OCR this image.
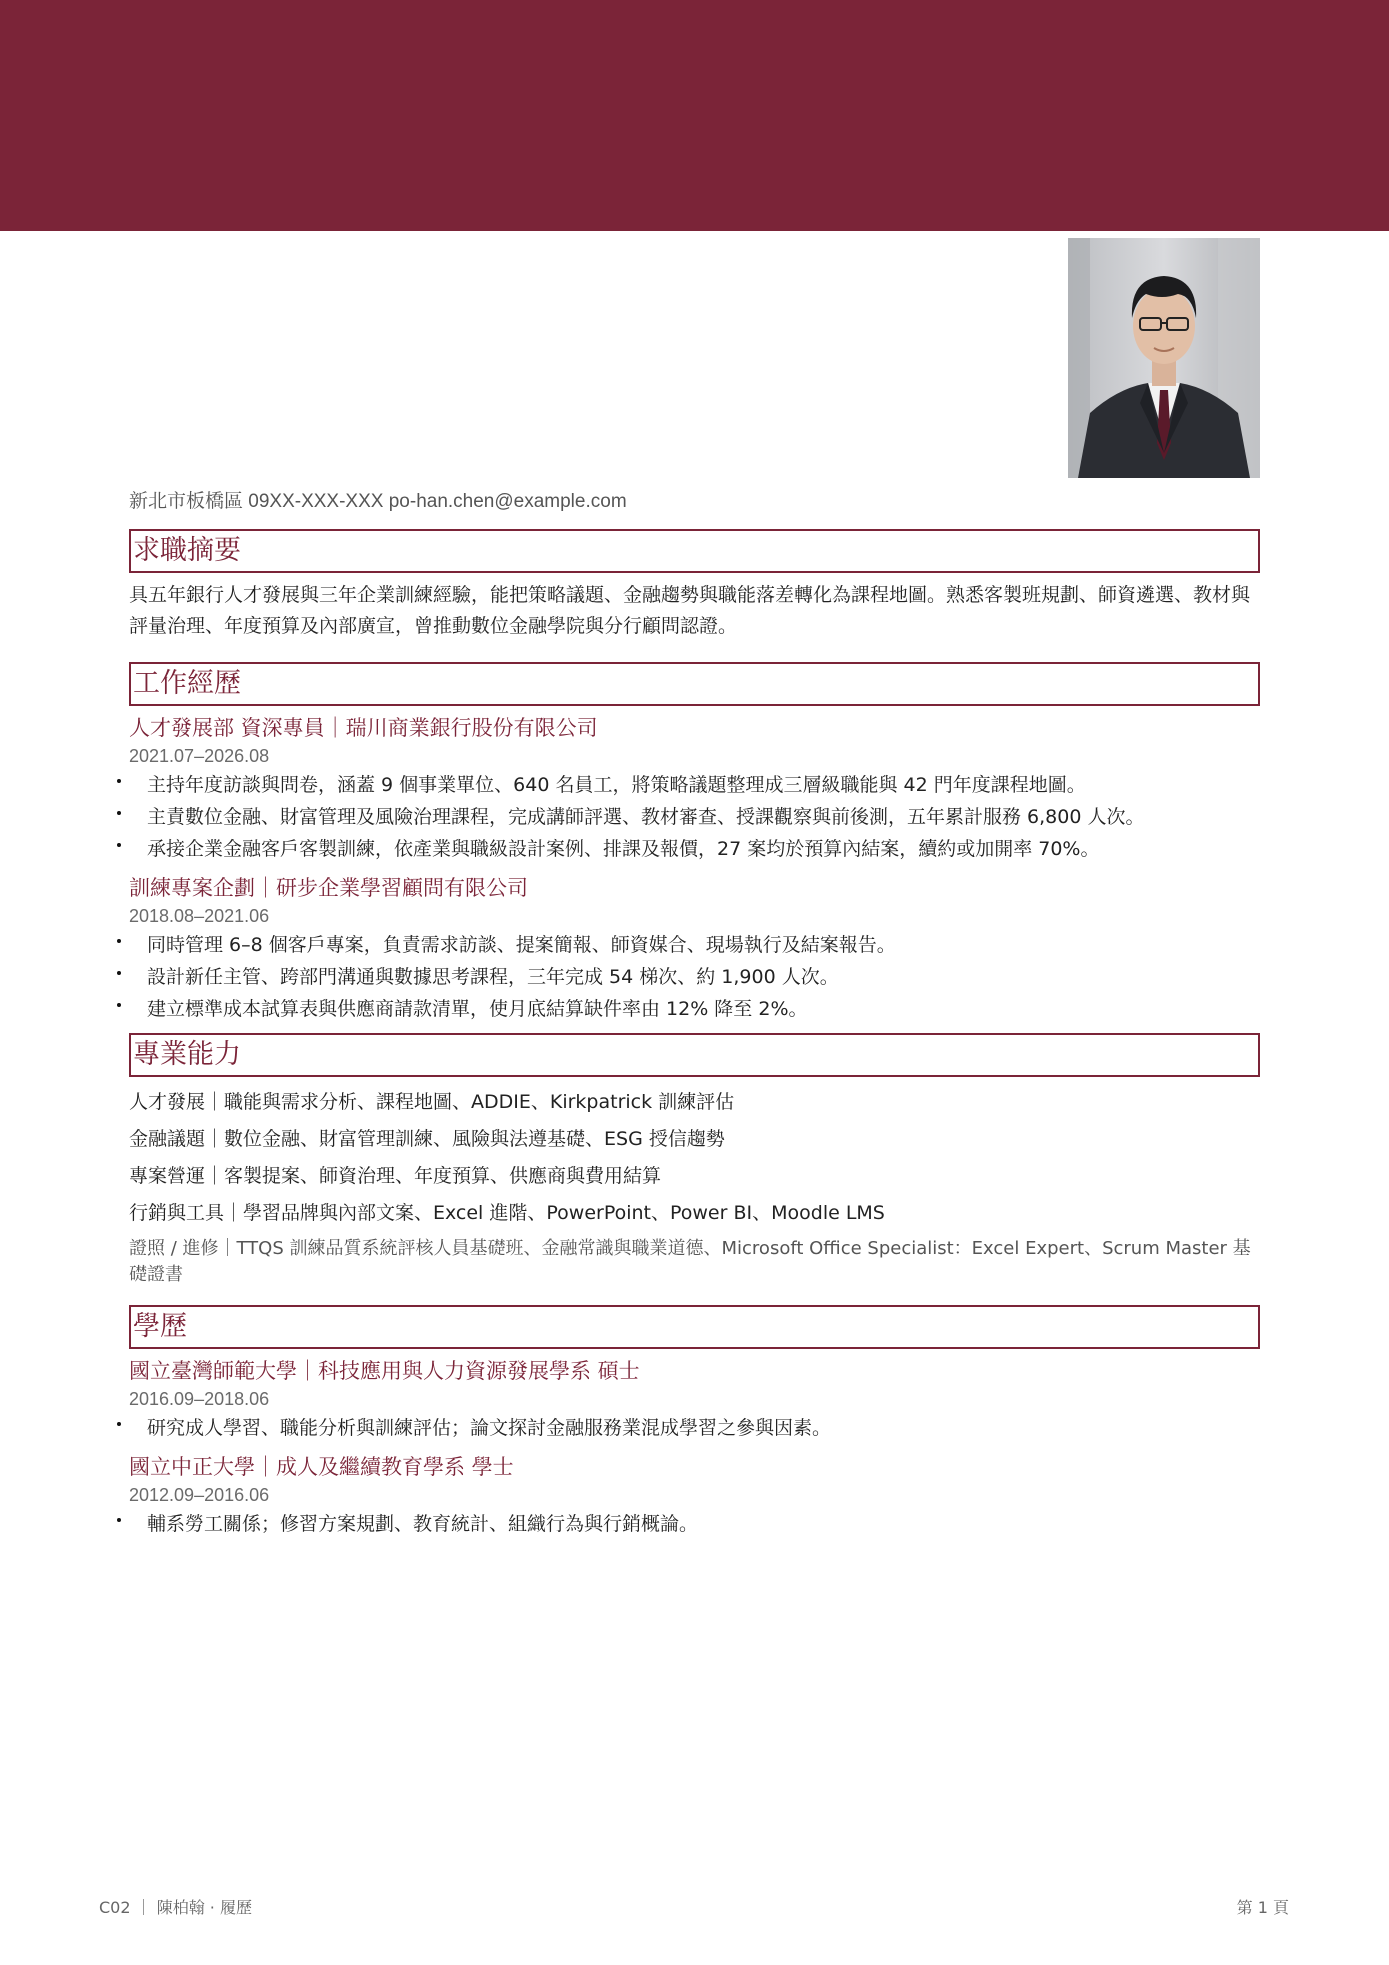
新北市板橋區 09XX-XXX-XXX po-han.chen@example.com
求職摘要
具五年銀行人才發展與三年企業訓練經驗，能把策略議題、金融趨勢與職能落差轉化為課程地圖。熟悉客製班規劃、師資遴選、教材與評量治理、年度預算及內部廣宣，曾推動數位金融學院與分行顧問認證。
工作經歷
人才發展部 資深專員｜瑞川商業銀行股份有限公司
2021.07–2026.08
主持年度訪談與問卷，涵蓋 9 個事業單位、640 名員工，將策略議題整理成三層級職能與 42 門年度課程地圖。
主責數位金融、財富管理及風險治理課程，完成講師評選、教材審查、授課觀察與前後測，五年累計服務 6,800 人次。
承接企業金融客戶客製訓練，依產業與職級設計案例、排課及報價，27 案均於預算內結案，續約或加開率 70%。
訓練專案企劃｜研步企業學習顧問有限公司
2018.08–2021.06
同時管理 6–8 個客戶專案，負責需求訪談、提案簡報、師資媒合、現場執行及結案報告。
設計新任主管、跨部門溝通與數據思考課程，三年完成 54 梯次、約 1,900 人次。
建立標準成本試算表與供應商請款清單，使月底結算缺件率由 12% 降至 2%。
專業能力
人才發展｜職能與需求分析、課程地圖、ADDIE、Kirkpatrick 訓練評估
金融議題｜數位金融、財富管理訓練、風險與法遵基礎、ESG 授信趨勢
專案營運｜客製提案、師資治理、年度預算、供應商與費用結算
行銷與工具｜學習品牌與內部文案、Excel 進階、PowerPoint、Power BI、Moodle LMS
證照 / 進修｜TTQS 訓練品質系統評核人員基礎班、金融常識與職業道德、Microsoft Office Specialist：Excel Expert、Scrum Master 基礎證書
學歷
國立臺灣師範大學｜科技應用與人力資源發展學系 碩士
2016.09–2018.06
研究成人學習、職能分析與訓練評估；論文探討金融服務業混成學習之參與因素。
國立中正大學｜成人及繼續教育學系 學士
2012.09–2016.06
輔系勞工關係；修習方案規劃、教育統計、組織行為與行銷概論。
C02 ｜ 陳柏翰 · 履歷	第 1 頁
